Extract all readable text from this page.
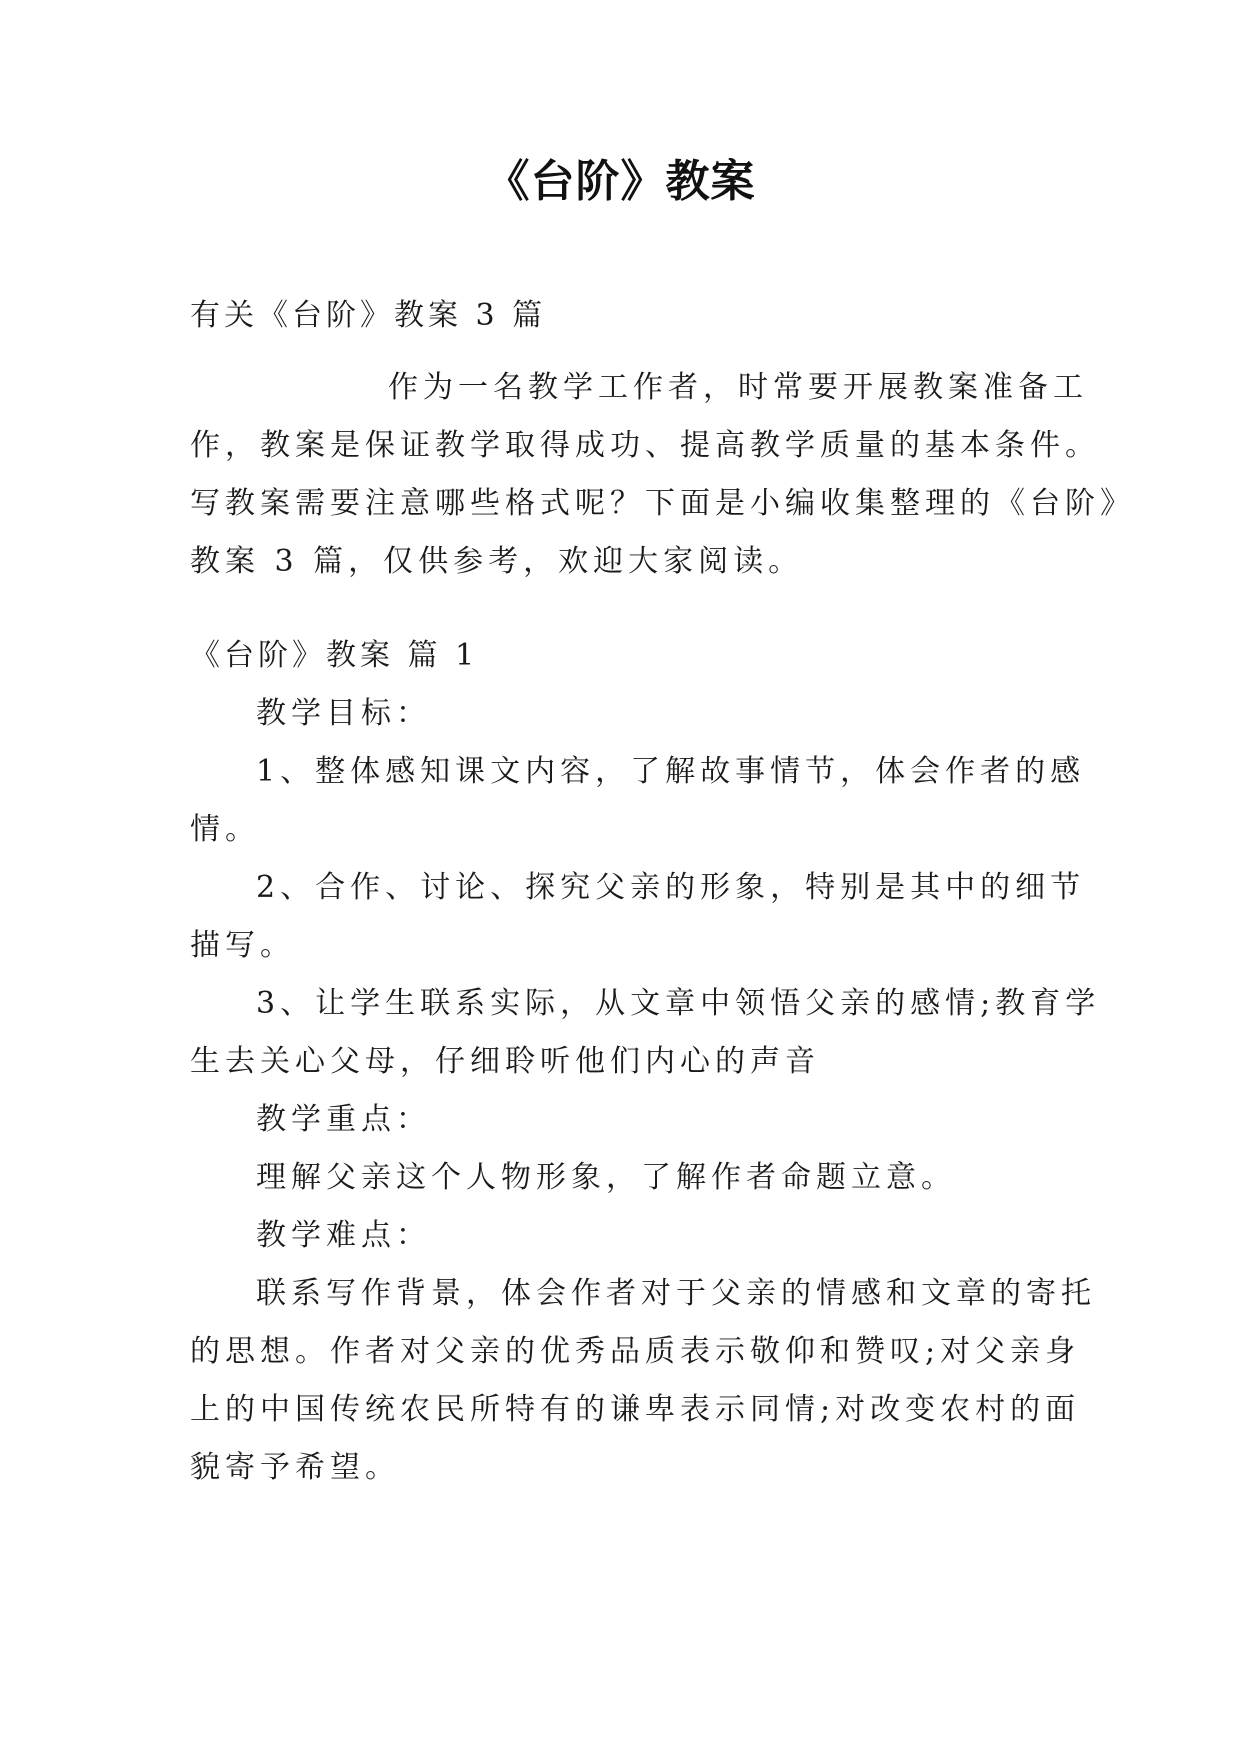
《台阶》教案
有关《台阶》教案 3 篇
作为一名教学工作者，时常要开展教案准备工
作，教案是保证教学取得成功、提高教学质量的基本条件。
写教案需要注意哪些格式呢？下面是小编收集整理的《台阶》
教案 3 篇，仅供参考，欢迎大家阅读。
《台阶》教案 篇 1
教学目标：
1、整体感知课文内容，了解故事情节，体会作者的感
情。
2、合作、讨论、探究父亲的形象，特别是其中的细节
描写。
3、让学生联系实际，从文章中领悟父亲的感情;教育学
生去关心父母，仔细聆听他们内心的声音
教学重点：
理解父亲这个人物形象，了解作者命题立意。
教学难点：
联系写作背景，体会作者对于父亲的情感和文章的寄托
的思想。作者对父亲的优秀品质表示敬仰和赞叹;对父亲身
上的中国传统农民所特有的谦卑表示同情;对改变农村的面
貌寄予希望。
